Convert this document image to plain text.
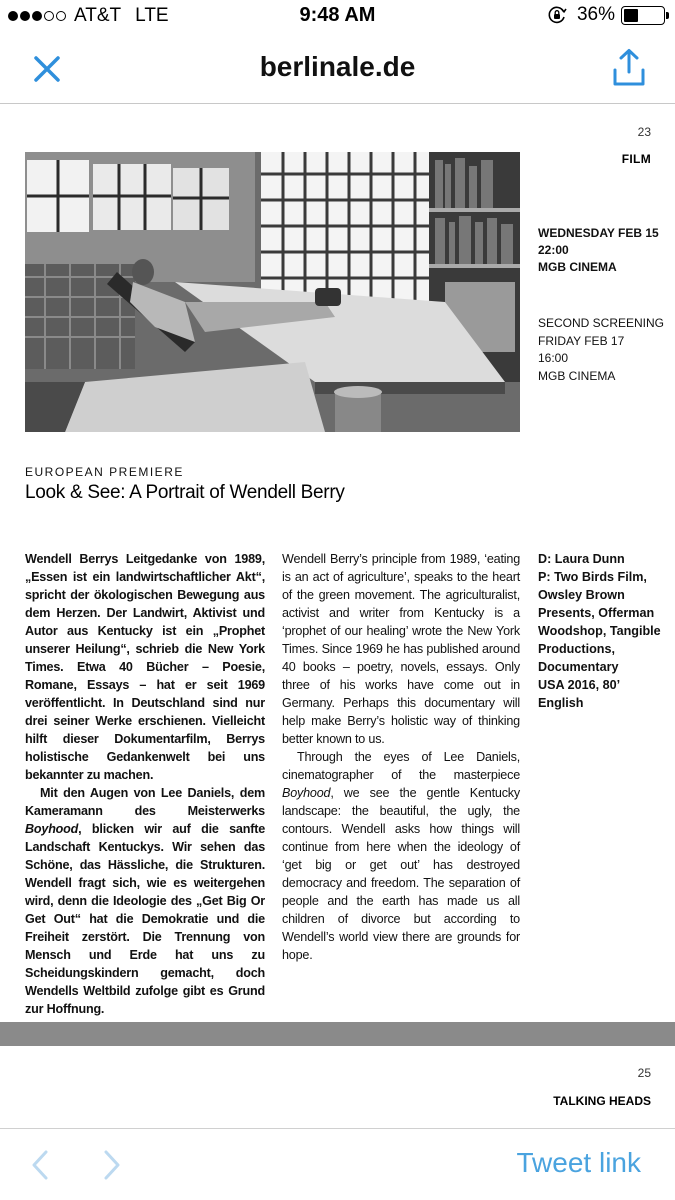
AT&T LTE	9:48 AM	36%
berlinale.de
23
FILM
WEDNESDAY FEB 15
22:00
MGB CINEMA
SECOND SCREENING
FRIDAY FEB 17
16:00
MGB CINEMA
EUROPEAN PREMIERE
Look & See: A Portrait of Wendell Berry

Wendell Berrys Leitgedanke von 1989, „Essen ist ein landwirtschaftlicher Akt“, spricht der ökologischen Bewegung aus dem Herzen. Der Landwirt, Aktivist und Autor aus Kentucky ist ein „Prophet unserer Heilung“, schrieb die New York Times. Etwa 40 Bücher – Poesie, Romane, Essays – hat er seit 1969 veröffentlicht. In Deutschland sind nur drei seiner Werke erschienen. Vielleicht hilft dieser Dokumentarfilm, Berrys holistische Gedankenwelt bei uns bekannter zu machen.

Mit den Augen von Lee Daniels, dem Kameramann des Meisterwerks Boyhood, blicken wir auf die sanfte Landschaft Kentuckys. Wir sehen das Schöne, das Hässliche, die Strukturen. Wendell fragt sich, wie es weitergehen wird, denn die Ideologie des „Get Big Or Get Out“ hat die Demokratie und die Freiheit zerstört. Die Trennung von Mensch und Erde hat uns zu Scheidungskindern gemacht, doch Wendells Weltbild zufolge gibt es Grund zur Hoffnung.

Wendell Berry’s principle from 1989, ‘eating is an act of agriculture’, speaks to the heart of the green movement. The agriculturalist, activist and writer from Kentucky is a ‘prophet of our healing’ wrote the New York Times. Since 1969 he has published around 40 books – poetry, novels, essays. Only three of his works have come out in Germany. Perhaps this documentary will help make Berry’s holistic way of thinking better known to us.

Through the eyes of Lee Daniels, cinematographer of the masterpiece Boyhood, we see the gentle Kentucky landscape: the beautiful, the ugly, the contours. Wendell asks how things will continue from here when the ideology of ‘get big or get out’ has destroyed democracy and freedom. The separation of people and the earth has made us all children of divorce but according to Wendell’s world view there are grounds for hope.

D: Laura Dunn
P: Two Birds Film, Owsley Brown Presents, Offerman Woodshop, Tangible Productions, Documentary
USA 2016, 80’
English
25
TALKING HEADS
Tweet link
